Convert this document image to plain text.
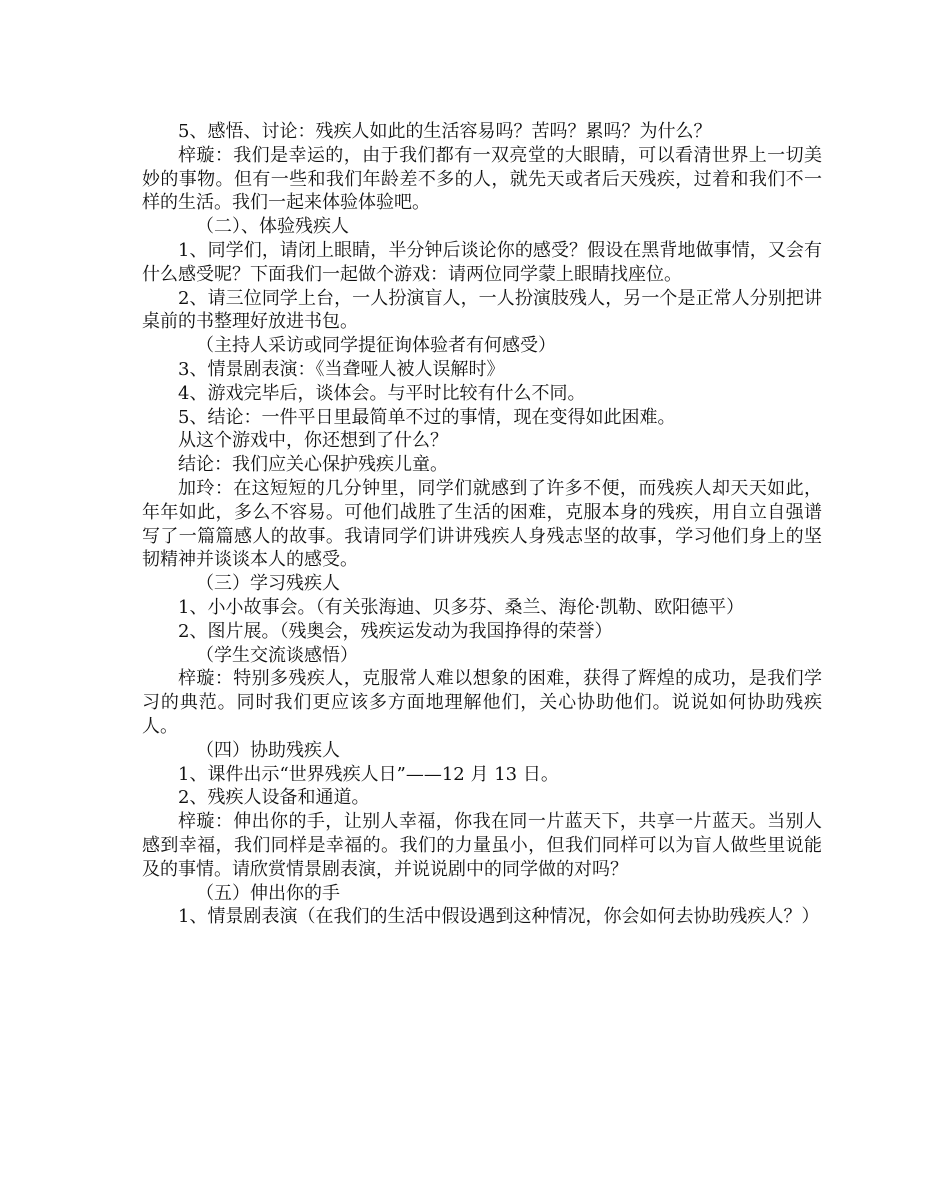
5、感悟、讨论：残疾人如此的生活容易吗？苦吗？累吗？为什么？

梓璇：我们是幸运的，由于我们都有一双亮堂的大眼睛，可以看清世界上一切美妙的事物。但有一些和我们年龄差不多的人，就先天或者后天残疾，过着和我们不一样的生活。我们一起来体验体验吧。

（二）、体验残疾人

1、同学们，请闭上眼睛，半分钟后谈论你的感受？假设在黑背地做事情，又会有什么感受呢？下面我们一起做个游戏：请两位同学蒙上眼睛找座位。

2、请三位同学上台，一人扮演盲人，一人扮演肢残人，另一个是正常人分别把讲桌前的书整理好放进书包。

（主持人采访或同学提征询体验者有何感受）

3、情景剧表演：《当聋哑人被人误解时》

4、游戏完毕后，谈体会。与平时比较有什么不同。

5、结论：一件平日里最简单不过的事情，现在变得如此困难。

从这个游戏中，你还想到了什么？

结论：我们应关心保护残疾儿童。

加玲：在这短短的几分钟里，同学们就感到了许多不便，而残疾人却天天如此，年年如此，多么不容易。可他们战胜了生活的困难，克服本身的残疾，用自立自强谱写了一篇篇感人的故事。我请同学们讲讲残疾人身残志坚的故事，学习他们身上的坚韧精神并谈谈本人的感受。

（三）学习残疾人

1、小小故事会。（有关张海迪、贝多芬、桑兰、海伦·凯勒、欧阳德平）

2、图片展。（残奥会，残疾运发动为我国挣得的荣誉）

（学生交流谈感悟）

梓璇：特别多残疾人，克服常人难以想象的困难，获得了辉煌的成功，是我们学习的典范。同时我们更应该多方面地理解他们，关心协助他们。说说如何协助残疾人。

（四）协助残疾人

1、课件出示“世界残疾人日”——12 月 13 日。

2、残疾人设备和通道。

梓璇：伸出你的手，让别人幸福，你我在同一片蓝天下，共享一片蓝天。当别人感到幸福，我们同样是幸福的。我们的力量虽小，但我们同样可以为盲人做些里说能及的事情。请欣赏情景剧表演，并说说剧中的同学做的对吗？

（五）伸出你的手

1、情景剧表演（在我们的生活中假设遇到这种情况，你会如何去协助残疾人？）
